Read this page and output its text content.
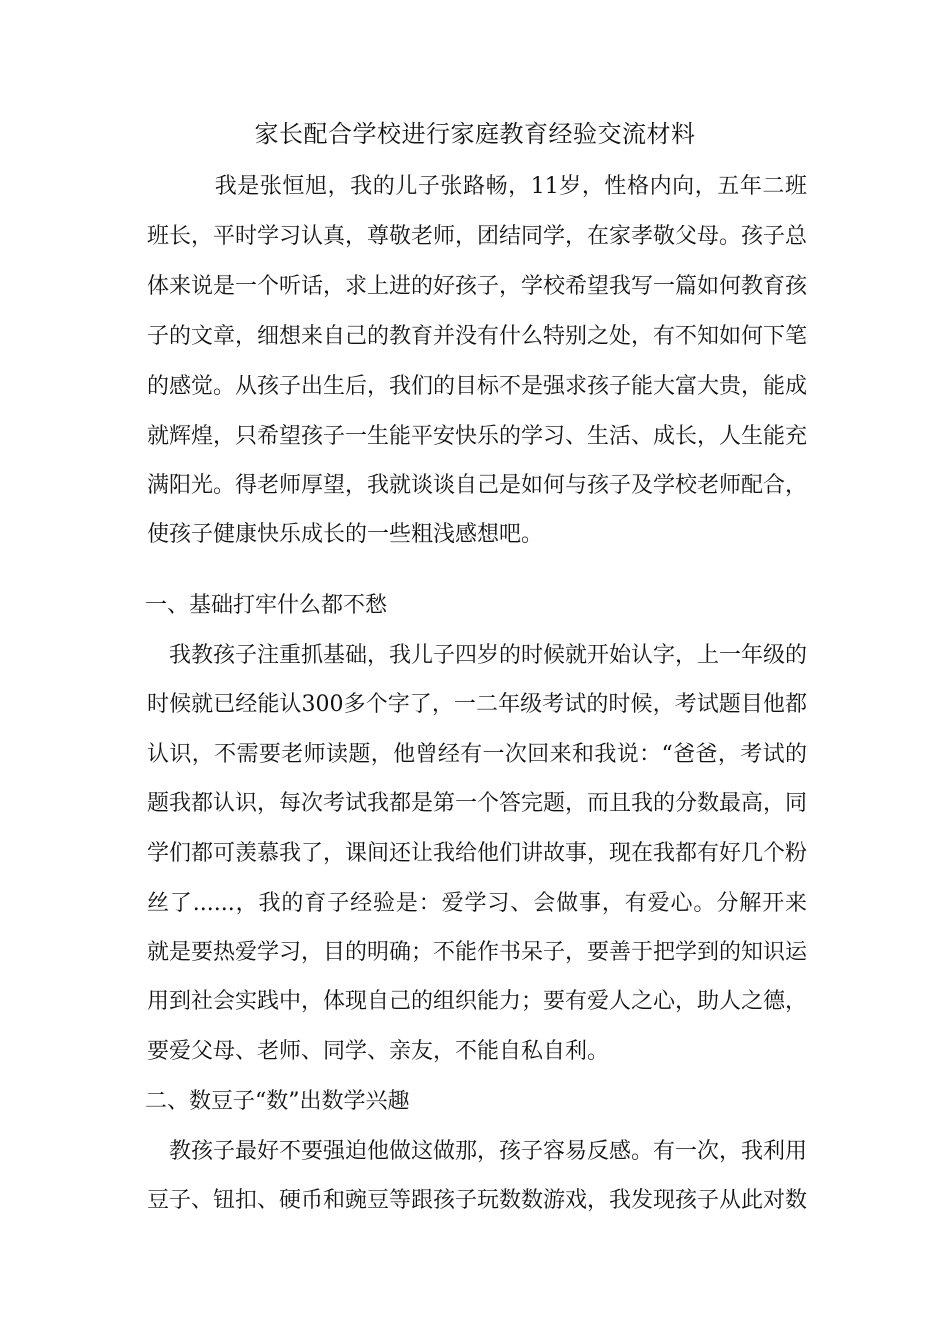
家长配合学校进行家庭教育经验交流材料
　　　我是张恒旭，我的儿子张路畅，11岁，性格内向，五年二班
班长，平时学习认真，尊敬老师，团结同学，在家孝敬父母。孩子总
体来说是一个听话，求上进的好孩子，学校希望我写一篇如何教育孩
子的文章，细想来自己的教育并没有什么特别之处，有不知如何下笔
的感觉。从孩子出生后，我们的目标不是强求孩子能大富大贵，能成
就辉煌，只希望孩子一生能平安快乐的学习、生活、成长，人生能充
满阳光。得老师厚望，我就谈谈自己是如何与孩子及学校老师配合，
使孩子健康快乐成长的一些粗浅感想吧。
一、基础打牢什么都不愁
　我教孩子注重抓基础，我儿子四岁的时候就开始认字，上一年级的
时候就已经能认300多个字了，一二年级考试的时候，考试题目他都
认识，不需要老师读题，他曾经有一次回来和我说：“爸爸，考试的
题我都认识，每次考试我都是第一个答完题，而且我的分数最高，同
学们都可羡慕我了，课间还让我给他们讲故事，现在我都有好几个粉
丝了......，我的育子经验是：爱学习、会做事，有爱心。分解开来
就是要热爱学习，目的明确；不能作书呆子，要善于把学到的知识运
用到社会实践中，体现自己的组织能力；要有爱人之心，助人之德，
要爱父母、老师、同学、亲友，不能自私自利。
二、数豆子“数”出数学兴趣
　教孩子最好不要强迫他做这做那，孩子容易反感。有一次，我利用
豆子、钮扣、硬币和豌豆等跟孩子玩数数游戏，我发现孩子从此对数
